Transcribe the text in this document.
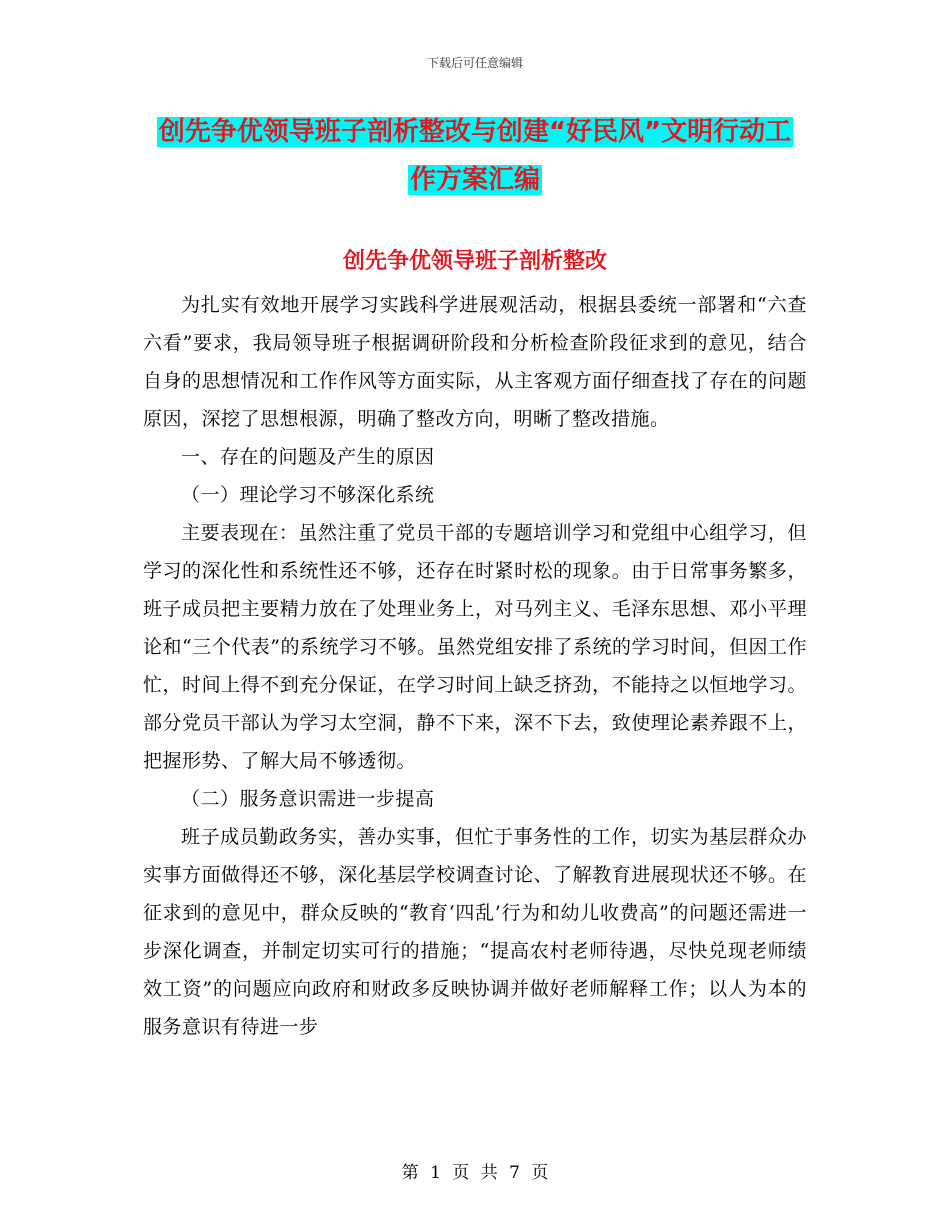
下载后可任意编辑
创先争优领导班子剖析整改与创建“好民风”文明行动工作方案汇编
创先争优领导班子剖析整改

为扎实有效地开展学习实践科学进展观活动，根据县委统一部署和“六查六看”要求，我局领导班子根据调研阶段和分析检查阶段征求到的意见，结合自身的思想情况和工作作风等方面实际，从主客观方面仔细查找了存在的问题原因，深挖了思想根源，明确了整改方向，明晰了整改措施。

一、存在的问题及产生的原因

（一）理论学习不够深化系统

主要表现在：虽然注重了党员干部的专题培训学习和党组中心组学习，但学习的深化性和系统性还不够，还存在时紧时松的现象。由于日常事务繁多，班子成员把主要精力放在了处理业务上，对马列主义、毛泽东思想、邓小平理论和“三个代表”的系统学习不够。虽然党组安排了系统的学习时间，但因工作忙，时间上得不到充分保证，在学习时间上缺乏挤劲，不能持之以恒地学习。部分党员干部认为学习太空洞，静不下来，深不下去，致使理论素养跟不上，把握形势、了解大局不够透彻。

（二）服务意识需进一步提高

班子成员勤政务实，善办实事，但忙于事务性的工作，切实为基层群众办实事方面做得还不够，深化基层学校调查讨论、了解教育进展现状还不够。在征求到的意见中，群众反映的“教育‘四乱’行为和幼儿收费高”的问题还需进一步深化调查，并制定切实可行的措施；“提高农村老师待遇，尽快兑现老师绩效工资”的问题应向政府和财政多反映协调并做好老师解释工作；以人为本的服务意识有待进一步

第 1 页 共 7 页
